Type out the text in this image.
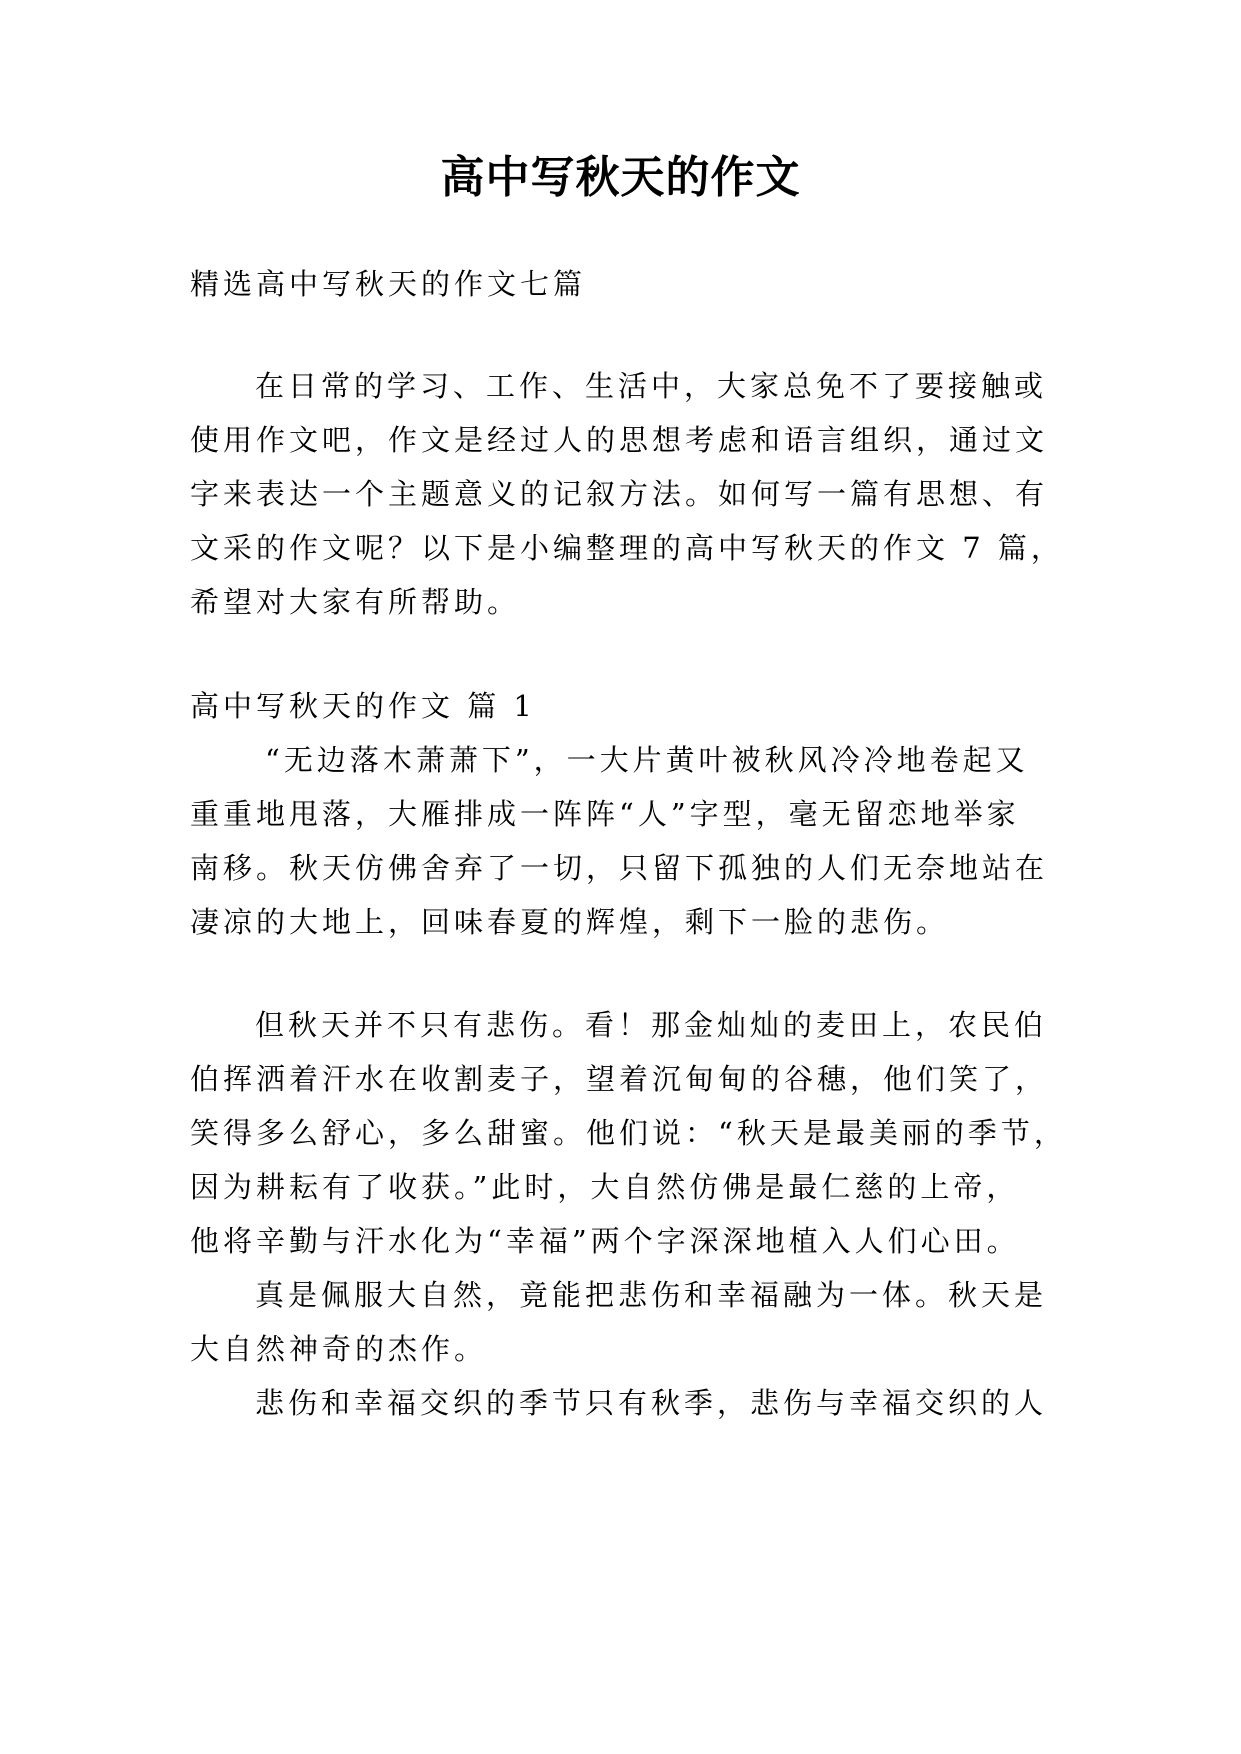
高中写秋天的作文
精选高中写秋天的作文七篇
在日常的学习、工作、生活中，大家总免不了要接触或
使用作文吧，作文是经过人的思想考虑和语言组织，通过文
字来表达一个主题意义的记叙方法。如何写一篇有思想、有
文采的作文呢？以下是小编整理的高中写秋天的作文 7 篇，
希望对大家有所帮助。
高中写秋天的作文 篇 1
“无边落木萧萧下”，一大片黄叶被秋风冷冷地卷起又
重重地甩落，大雁排成一阵阵“人”字型，毫无留恋地举家
南移。秋天仿佛舍弃了一切，只留下孤独的人们无奈地站在
凄凉的大地上，回味春夏的辉煌，剩下一脸的悲伤。
但秋天并不只有悲伤。看！那金灿灿的麦田上，农民伯
伯挥洒着汗水在收割麦子，望着沉甸甸的谷穗，他们笑了，
笑得多么舒心，多么甜蜜。他们说：“秋天是最美丽的季节，
因为耕耘有了收获。”此时，大自然仿佛是最仁慈的上帝，
他将辛勤与汗水化为“幸福”两个字深深地植入人们心田。
真是佩服大自然，竟能把悲伤和幸福融为一体。秋天是
大自然神奇的杰作。
悲伤和幸福交织的季节只有秋季，悲伤与幸福交织的人
